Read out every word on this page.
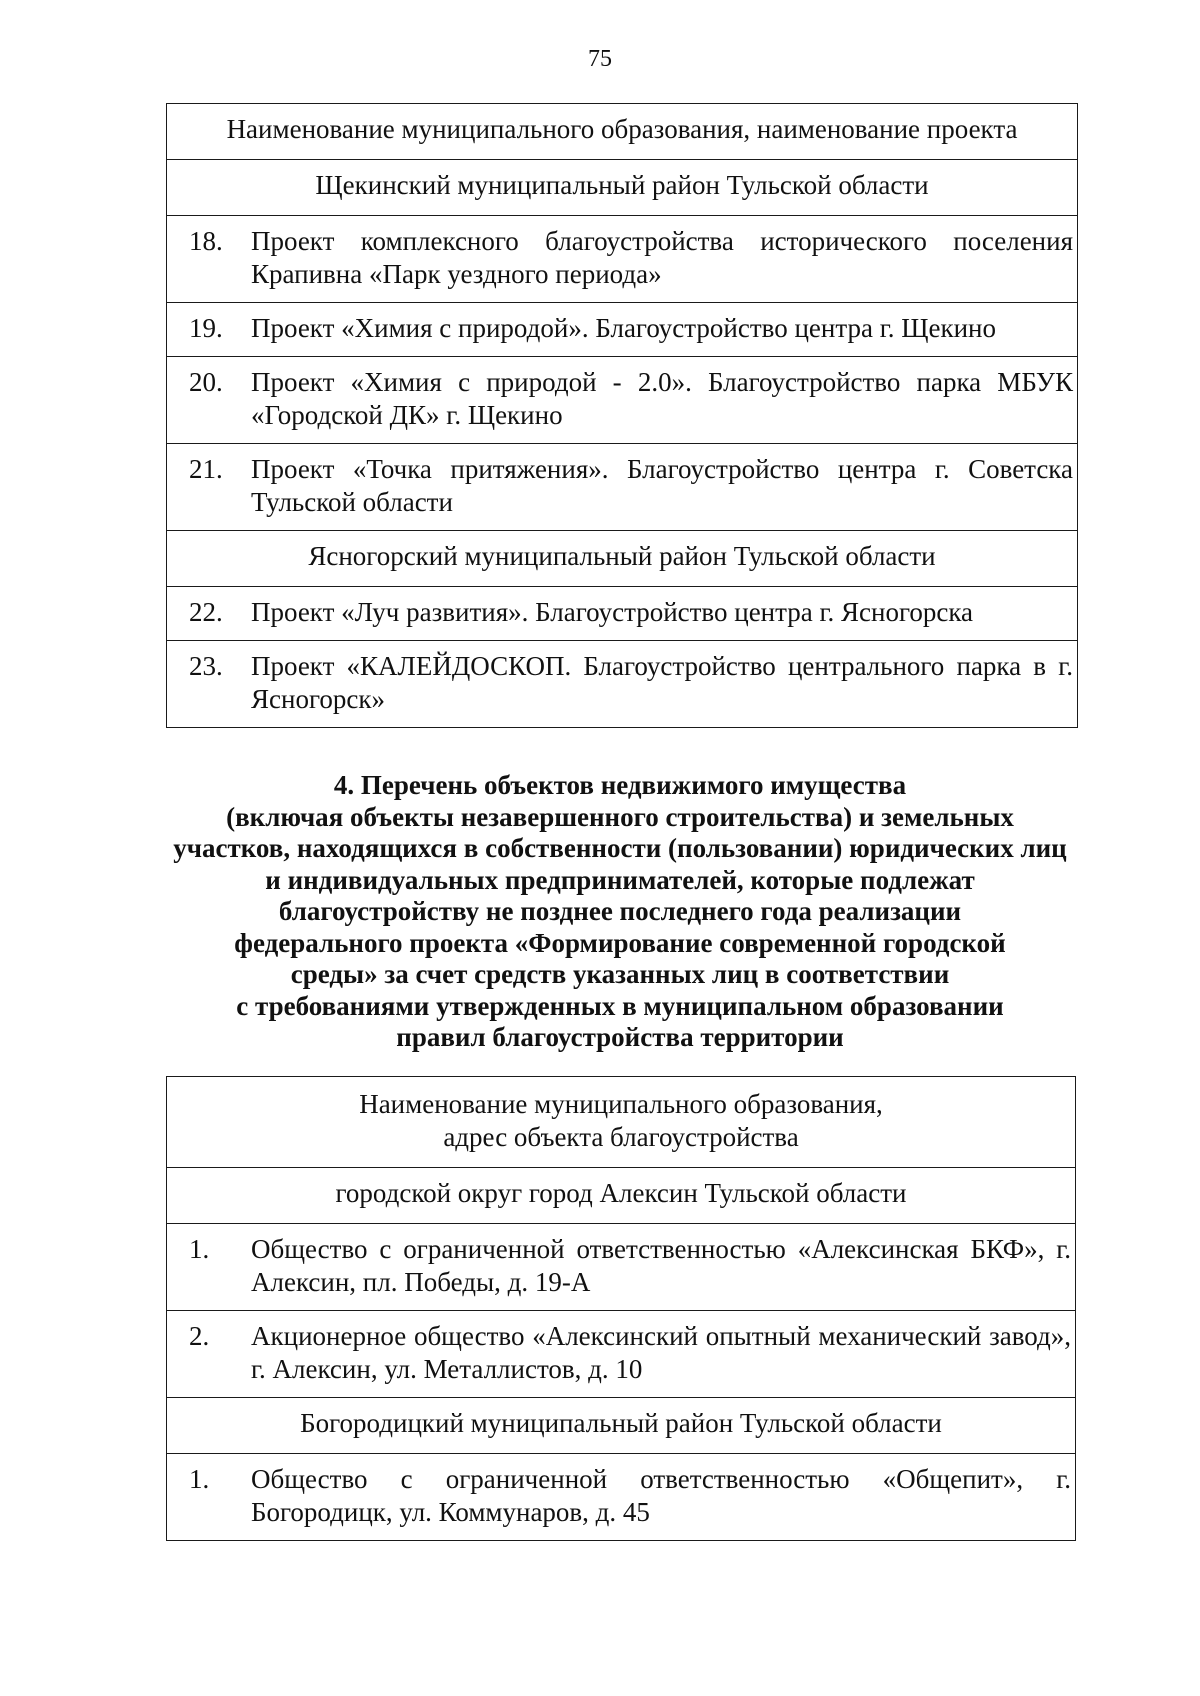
75
Наименование муниципального образования, наименование проекта
Щекинский муниципальный район Тульской области

18.	Проект комплексного благоустройства исторического поселения Крапивна «Парк уездного периода»

19.	Проект «Химия с природой». Благоустройство центра г. Щекино

20.	Проект «Химия с природой - 2.0». Благоустройство парка МБУК «Городской ДК» г. Щекино

21.	Проект «Точка притяжения». Благоустройство центра г. Советска Тульской области

Ясногорский муниципальный район Тульской области

22.	Проект «Луч развития». Благоустройство центра г. Ясногорска

23.	Проект «КАЛЕЙДОСКОП. Благоустройство центрального парка в г. Ясногорск»
4. Перечень объектов недвижимого имущества
(включая объекты незавершенного строительства) и земельных
участков, находящихся в собственности (пользовании) юридических лиц
и индивидуальных предпринимателей, которые подлежат
благоустройству не позднее последнего года реализации
федерального проекта «Формирование современной городской
среды» за счет средств указанных лиц в соответствии
с требованиями утвержденных в муниципальном образовании
правил благоустройства территории
Наименование муниципального образования,
адрес объекта благоустройства

городской округ город Алексин Тульской области

1.	Общество с ограниченной ответственностью «Алексинская БКФ», г. Алексин, пл. Победы, д. 19-А

2.	Акционерное общество «Алексинский опытный механический завод», г. Алексин, ул. Металлистов, д. 10

Богородицкий муниципальный район Тульской области

1.	Общество с ограниченной ответственностью «Общепит», г. Богородицк, ул. Коммунаров, д. 45
